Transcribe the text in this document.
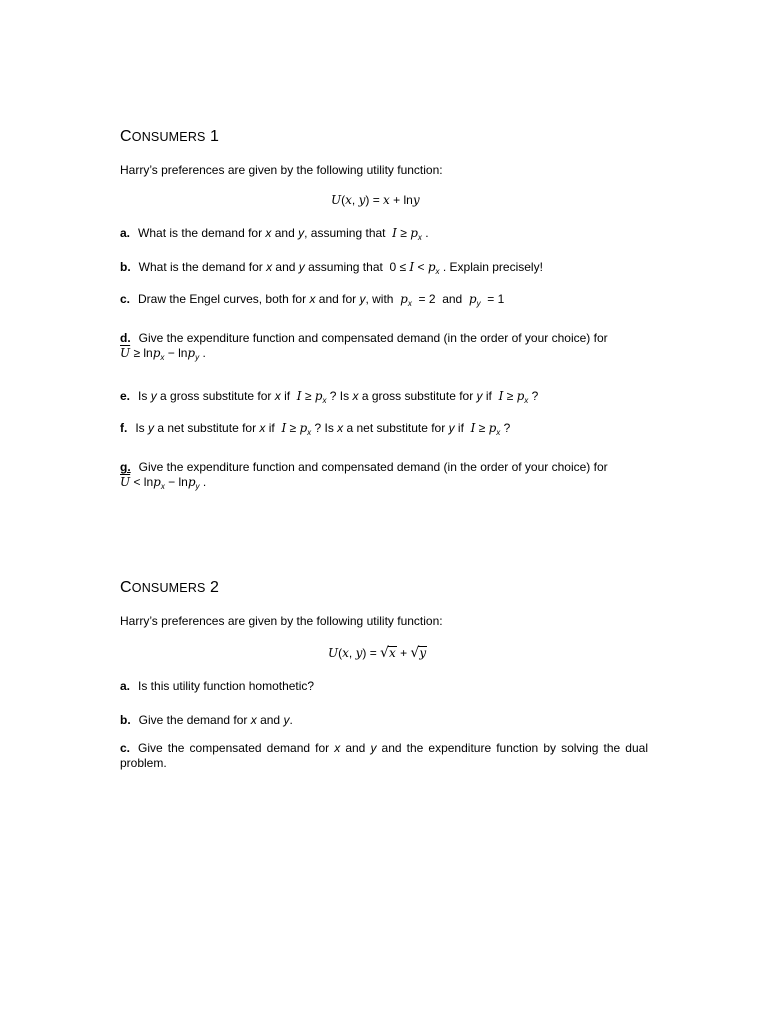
CONSUMERS 1
Harry’s preferences are given by the following utility function:
U(x, y) = x + lny
a. What is the demand for x and y, assuming that  $I \ge p_x$ .
b. What is the demand for x and y assuming that  $0 \le I < p_x$ . Explain precisely!
c. Draw the Engel curves, both for x and for y, with  $p_x = 2$  and  $p_y = 1$
d. Give the expenditure function and compensated demand (in the order of your choice) for
$\overline{U} \ge \ln p_x - \ln p_y$ .
e. Is y a gross substitute for x if  $I \ge p_x$ ? Is x a gross substitute for y if  $I \ge p_x$ ?
f. Is y a net substitute for x if  $I \ge p_x$ ? Is x a net substitute for y if  $I \ge p_x$ ?
g. Give the expenditure function and compensated demand (in the order of your choice) for
$\overline{U} < \ln p_x - \ln p_y$ .
CONSUMERS 2
Harry’s preferences are given by the following utility function:
U(x, y) = √x + √y
a. Is this utility function homothetic?
b. Give the demand for x and y.
c. Give the compensated demand for x and y and the expenditure function by solving the dual problem.
